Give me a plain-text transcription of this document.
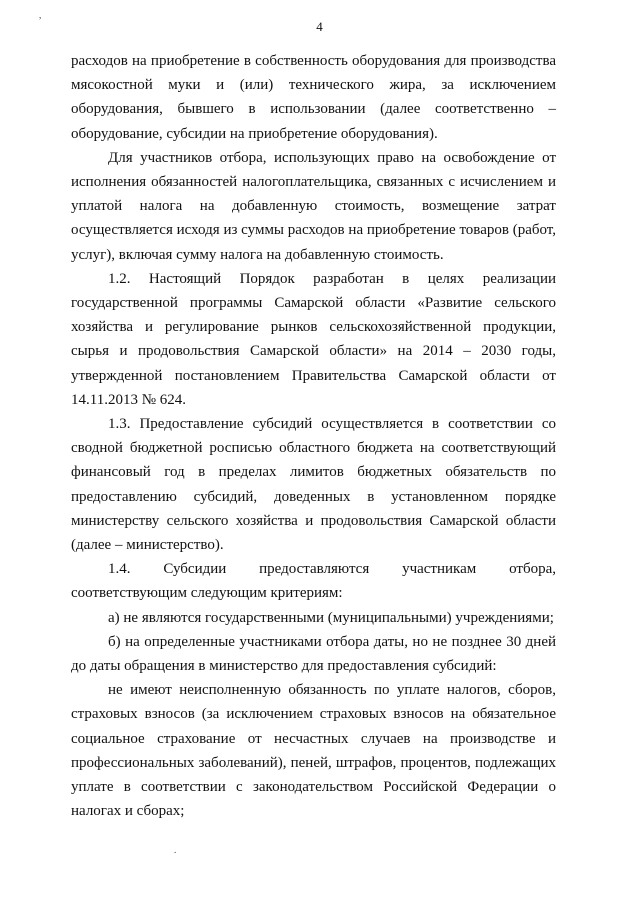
,
4

расходов на приобретение в собственность оборудования для производства мясокостной муки и (или) технического жира, за исключением оборудования, бывшего в использовании (далее соответственно – оборудование, субсидии на приобретение оборудования).

Для участников отбора, использующих право на освобождение от исполнения обязанностей налогоплательщика, связанных с исчислением и уплатой налога на добавленную стоимость, возмещение затрат осуществляется исходя из суммы расходов на приобретение товаров (работ, услуг), включая сумму налога на добавленную стоимость.

1.2. Настоящий Порядок разработан в целях реализации государственной программы Самарской области «Развитие сельского хозяйства и регулирование рынков сельскохозяйственной продукции, сырья и продовольствия Самарской области» на 2014 – 2030 годы, утвержденной постановлением Правительства Самарской области от 14.11.2013 № 624.

1.3. Предоставление субсидий осуществляется в соответствии со сводной бюджетной росписью областного бюджета на соответствующий финансовый год в пределах лимитов бюджетных обязательств по предоставлению субсидий, доведенных в установленном порядке министерству сельского хозяйства и продовольствия Самарской области (далее – министерство).

1.4. Субсидии предоставляются участникам отбора, соответствующим следующим критериям:

а) не являются государственными (муниципальными) учреждениями;

б) на определенные участниками отбора даты, но не позднее 30 дней до даты обращения в министерство для предоставления субсидий:

не имеют неисполненную обязанность по уплате налогов, сборов, страховых взносов (за исключением страховых взносов на обязательное социальное страхование от несчастных случаев на производстве и профессиональных заболеваний), пеней, штрафов, процентов, подлежащих уплате в соответствии с законодательством Российской Федерации о налогах и сборах;

.
